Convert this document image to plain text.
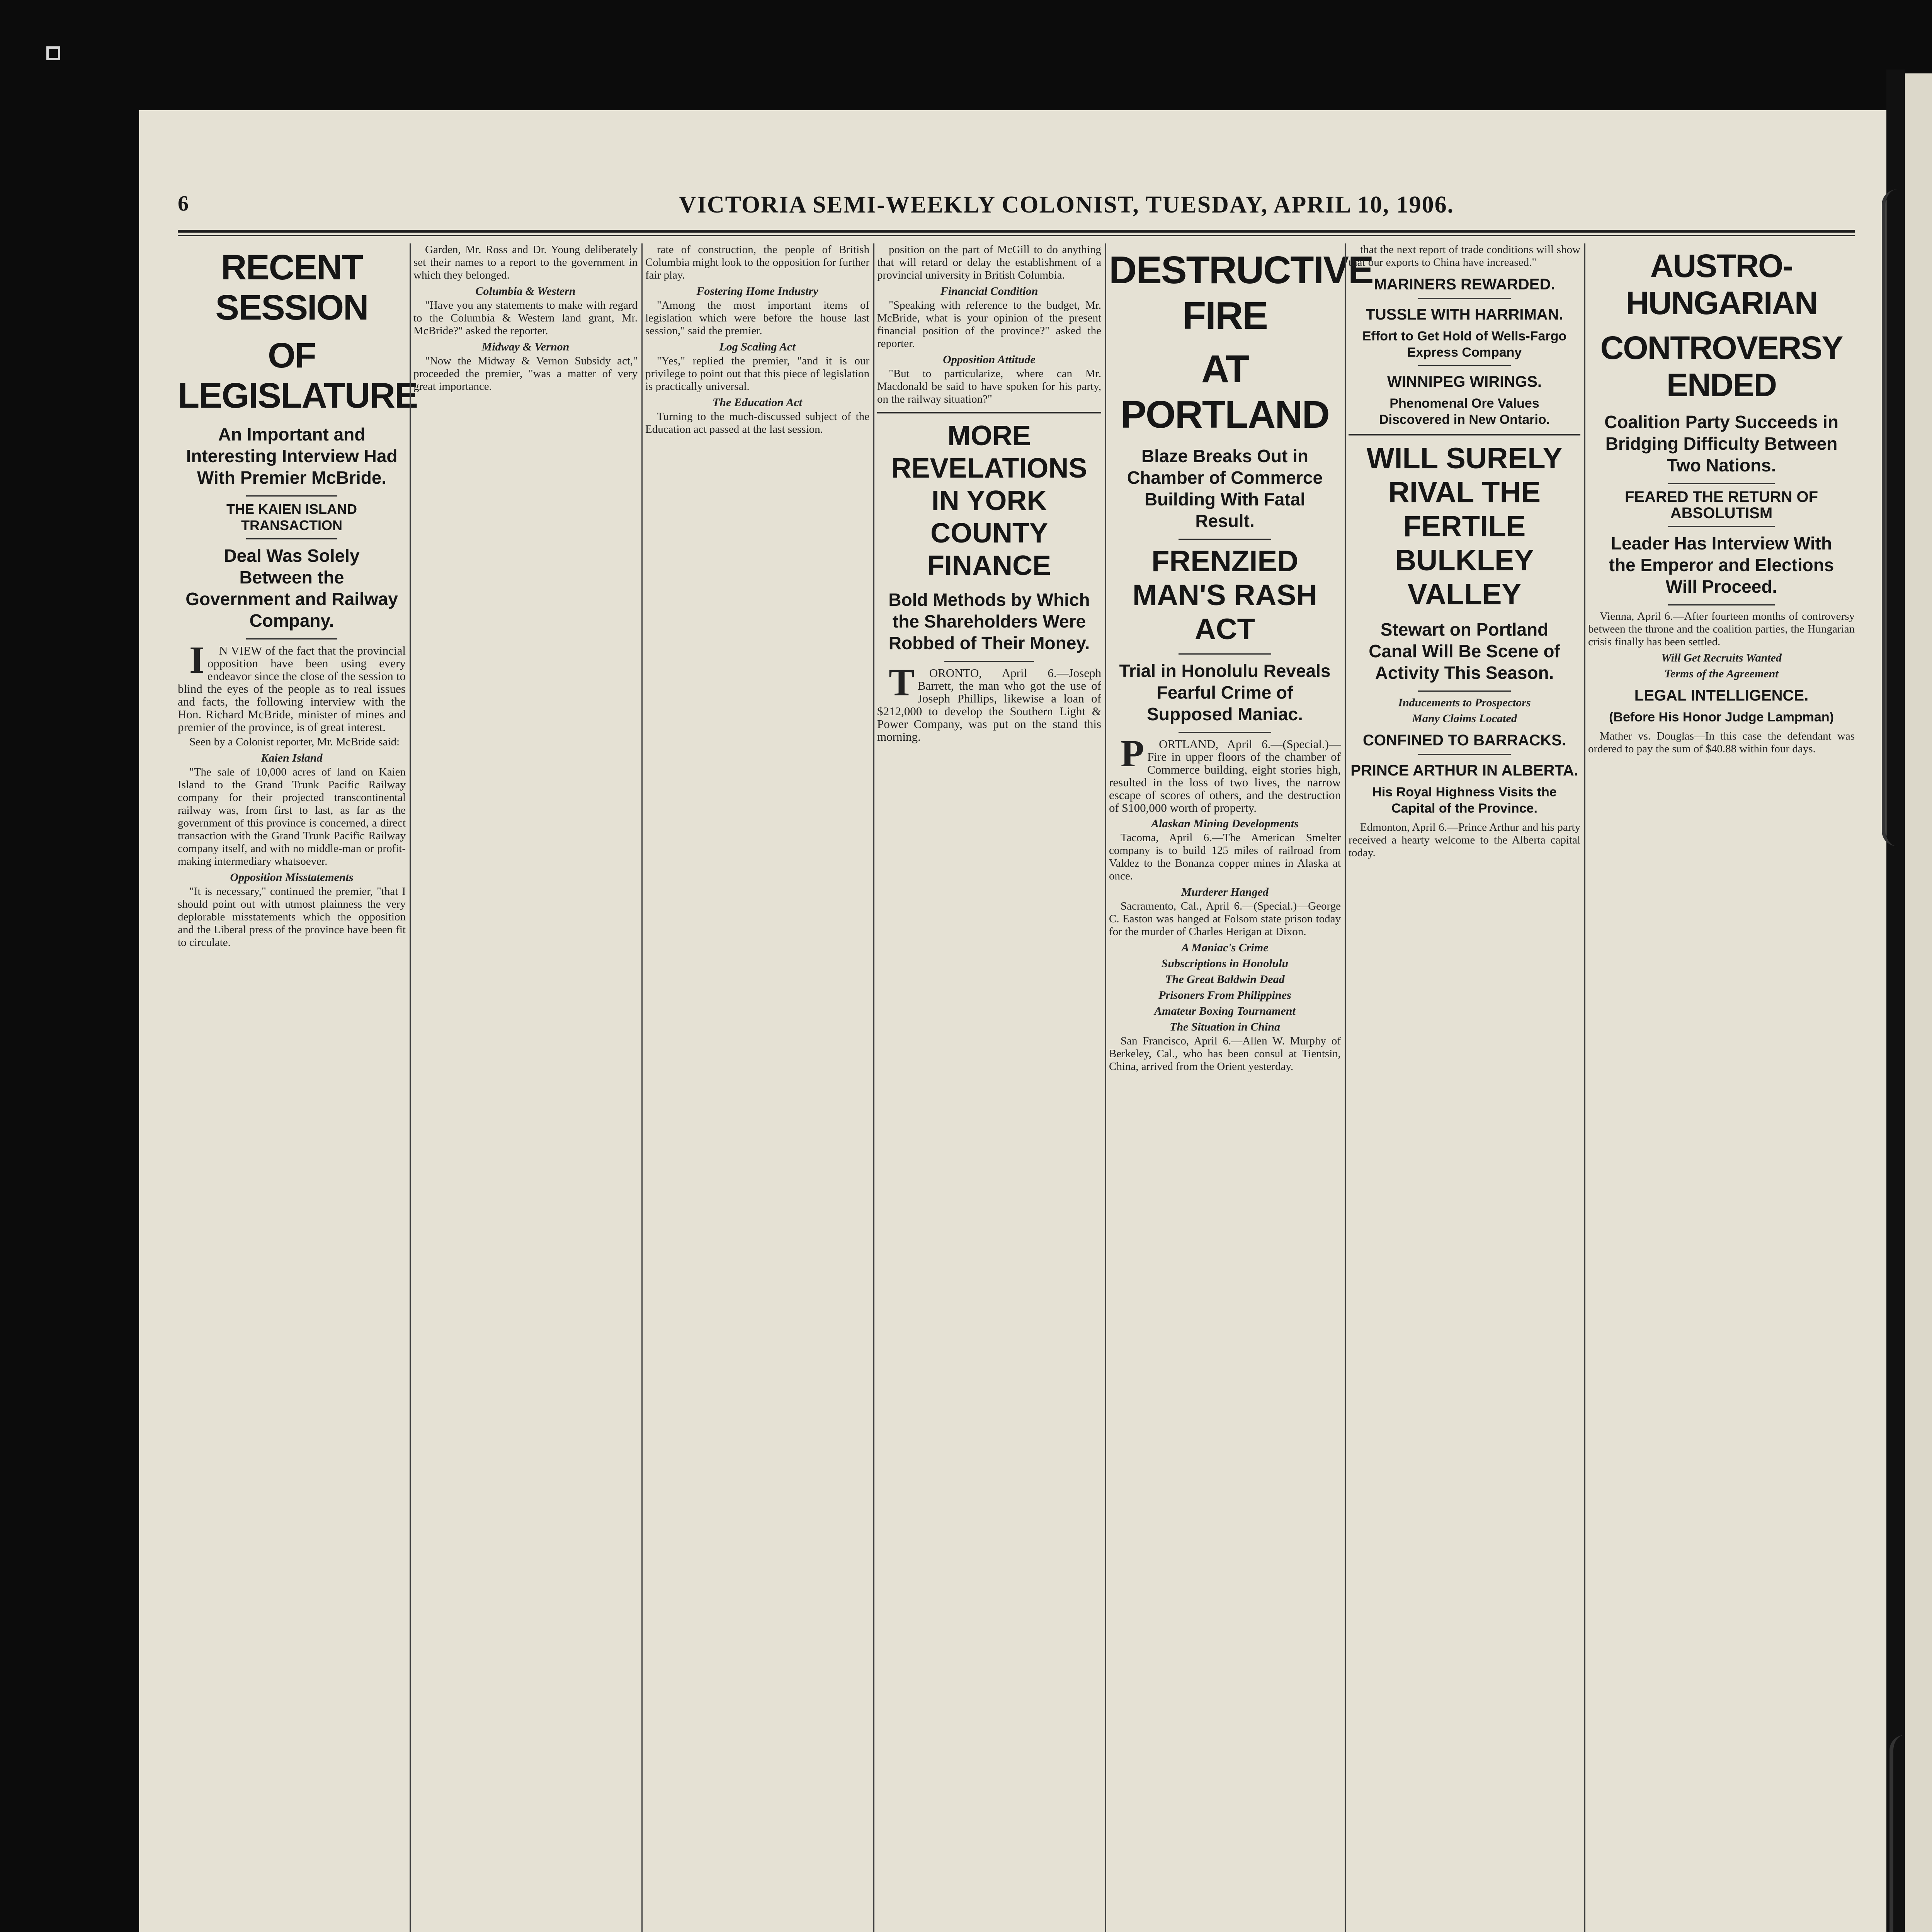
6	VICTORIA SEMI-WEEKLY COLONIST, TUESDAY, APRIL 10, 1906.
RECENT SESSION
OF LEGISLATURE
An Important and Interesting Interview Had With Premier McBride.
THE KAIEN ISLAND TRANSACTION
Deal Was Solely Between the Government and Railway Company.

IN VIEW of the fact that the provincial opposition have been using every endeavor since the close of the session to blind the eyes of the people as to real issues and facts, the following interview with the Hon. Richard McBride, minister of mines and premier of the province, is of great interest.

Seen by a Colonist reporter, Mr. McBride said:

Kaien Island

"The sale of 10,000 acres of land on Kaien Island to the Grand Trunk Pacific Railway company for their projected transcontinental railway was, from first to last, as far as the government of this province is concerned, a direct transaction with the Grand Trunk Pacific Railway company itself, and with no middle-man or profit-making intermediary whatsoever.

Opposition Misstatements

"It is necessary," continued the premier, "that I should point out with utmost plainness the very deplorable misstatements which the opposition and the Liberal press of the province have been fit to circulate.

Garden, Mr. Ross and Dr. Young deliberately set their names to a report to the government in which they belonged.

Columbia & Western

"Have you any statements to make with regard to the Columbia & Western land grant, Mr. McBride?" asked the reporter.

Midway & Vernon

"Now the Midway & Vernon Subsidy act," proceeded the premier, "was a matter of very great importance.

rate of construction, the people of British Columbia might look to the opposition for further fair play.

Fostering Home Industry

"Among the most important items of legislation which were before the house last session," said the premier.

Log Scaling Act

"Yes," replied the premier, "and it is our privilege to point out that this piece of legislation is practically universal.

The Education Act

Turning to the much-discussed subject of the Education act passed at the last session.

position on the part of McGill to do anything that will retard or delay the establishment of a provincial university in British Columbia.

Financial Condition

"Speaking with reference to the budget, Mr. McBride, what is your opinion of the present financial position of the province?" asked the reporter.

Opposition Attitude

"But to particularize, where can Mr. Macdonald be said to have spoken for his party, on the railway situation?"

MORE REVELATIONS IN YORK COUNTY FINANCE
Bold Methods by Which the Shareholders Were Robbed of Their Money.

TORONTO, April 6.—Joseph Barrett, the man who got the use of Joseph Phillips, likewise a loan of $212,000 to develop the Southern Light & Power Company, was put on the stand this morning.

DESTRUCTIVE FIRE
AT PORTLAND
Blaze Breaks Out in Chamber of Commerce Building With Fatal Result.
FRENZIED MAN'S RASH ACT
Trial in Honolulu Reveals Fearful Crime of Supposed Maniac.

PORTLAND, April 6.—(Special.)—Fire in upper floors of the chamber of Commerce building, eight stories high, resulted in the loss of two lives, the narrow escape of scores of others, and the destruction of $100,000 worth of property.

Alaskan Mining Developments

Tacoma, April 6.—The American Smelter company is to build 125 miles of railroad from Valdez to the Bonanza copper mines in Alaska at once.

Murderer Hanged

Sacramento, Cal., April 6.—(Special.)—George C. Easton was hanged at Folsom state prison today for the murder of Charles Herigan at Dixon.

A Maniac's Crime
Subscriptions in Honolulu
The Great Baldwin Dead
Prisoners From Philippines
Amateur Boxing Tournament
The Situation in China

San Francisco, April 6.—Allen W. Murphy of Berkeley, Cal., who has been consul at Tientsin, China, arrived from the Orient yesterday.

that the next report of trade conditions will show that our exports to China have increased."

MARINERS REWARDED.
TUSSLE WITH HARRIMAN.
Effort to Get Hold of Wells-Fargo Express Company
WINNIPEG WIRINGS.
Phenomenal Ore Values Discovered in New Ontario.
WILL SURELY RIVAL THE FERTILE BULKLEY VALLEY
Stewart on Portland Canal Will Be Scene of Activity This Season.
Inducements to Prospectors
Many Claims Located
CONFINED TO BARRACKS.
PRINCE ARTHUR IN ALBERTA.
His Royal Highness Visits the Capital of the Province.

Edmonton, April 6.—Prince Arthur and his party received a hearty welcome to the Alberta capital today.

AUSTRO-HUNGARIAN
CONTROVERSY ENDED
Coalition Party Succeeds in Bridging Difficulty Between Two Nations.
FEARED THE RETURN OF ABSOLUTISM
Leader Has Interview With the Emperor and Elections Will Proceed.

Vienna, April 6.—After fourteen months of controversy between the throne and the coalition parties, the Hungarian crisis finally has been settled.

Will Get Recruits Wanted
Terms of the Agreement
LEGAL INTELLIGENCE.
(Before His Honor Judge Lampman)

Mather vs. Douglas—In this case the defendant was ordered to pay the sum of $40.88 within four days.
